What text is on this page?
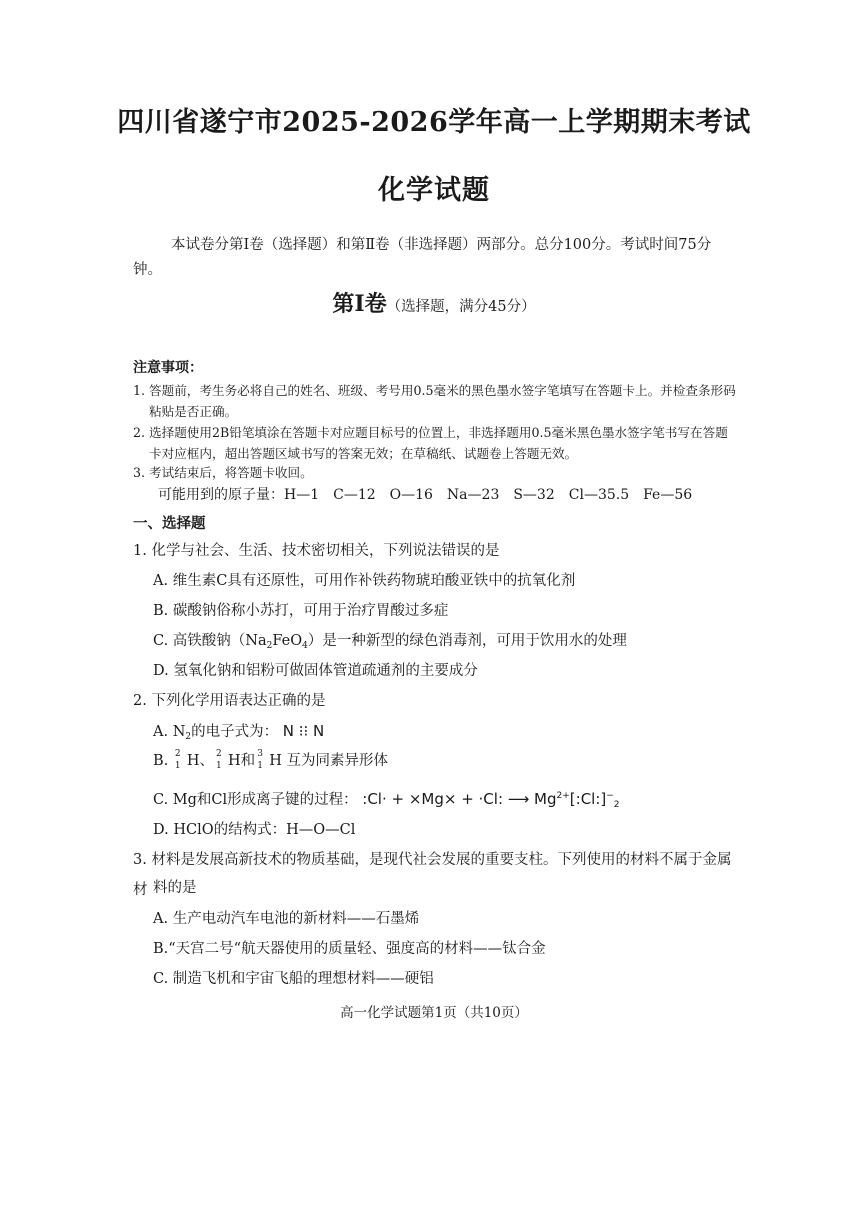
四川省遂宁市2025-2026学年高一上学期期末考试
化学试题
本试卷分第Ⅰ卷（选择题）和第Ⅱ卷（非选择题）两部分。总分100分。考试时间75分钟。
第Ⅰ卷（选择题，满分45分）
注意事项：
1. 答题前，考生务必将自己的姓名、班级、考号用0.5毫米的黑色墨水签字笔填写在答题卡上。并检查条形码粘贴是否正确。
2. 选择题使用2B铅笔填涂在答题卡对应题目标号的位置上，非选择题用0.5毫米黑色墨水签字笔书写在答题卡对应框内，超出答题区域书写的答案无效；在草稿纸、试题卷上答题无效。
3. 考试结束后，将答题卡收回。
可能用到的原子量：H—1　C—12　O—16　Na—23　S—32　Cl—35.5　Fe—56
一、选择题
1. 化学与社会、生活、技术密切相关，下列说法错误的是
A. 维生素C具有还原性，可用作补铁药物琥珀酸亚铁中的抗氧化剂
B. 碳酸钠俗称小苏打，可用于治疗胃酸过多症
C. 高铁酸钠$(Na_2FeO_4)$是一种新型的绿色消毒剂，可用于饮用水的处理
D. 氢氧化钠和铝粉可做固体管道疏通剂的主要成分
2. 下列化学用语表达正确的是
A. $N_2$的电子式为： N ⁝⁝ N
B. 2
1 H、 2
1 H和 3
1 H 互为同素异形体
C. Mg和Cl形成离子键的过程： :Cl· + ×Mg× + ·Cl: ⟶ $Mg^{2+}[:Cl:]^-_2$
D. HClO的结构式：H—O—Cl
3. 材料是发展高新技术的物质基础，是现代社会发展的重要支柱。下列使用的材料不属于金属材 料的是
A. 生产电动汽车电池的新材料——石墨烯
B.“天宫二号“航天器使用的质量轻、强度高的材料——钛合金
C. 制造飞机和宇宙飞船的理想材料——硬铝
高一化学试题第1页（共10页）
